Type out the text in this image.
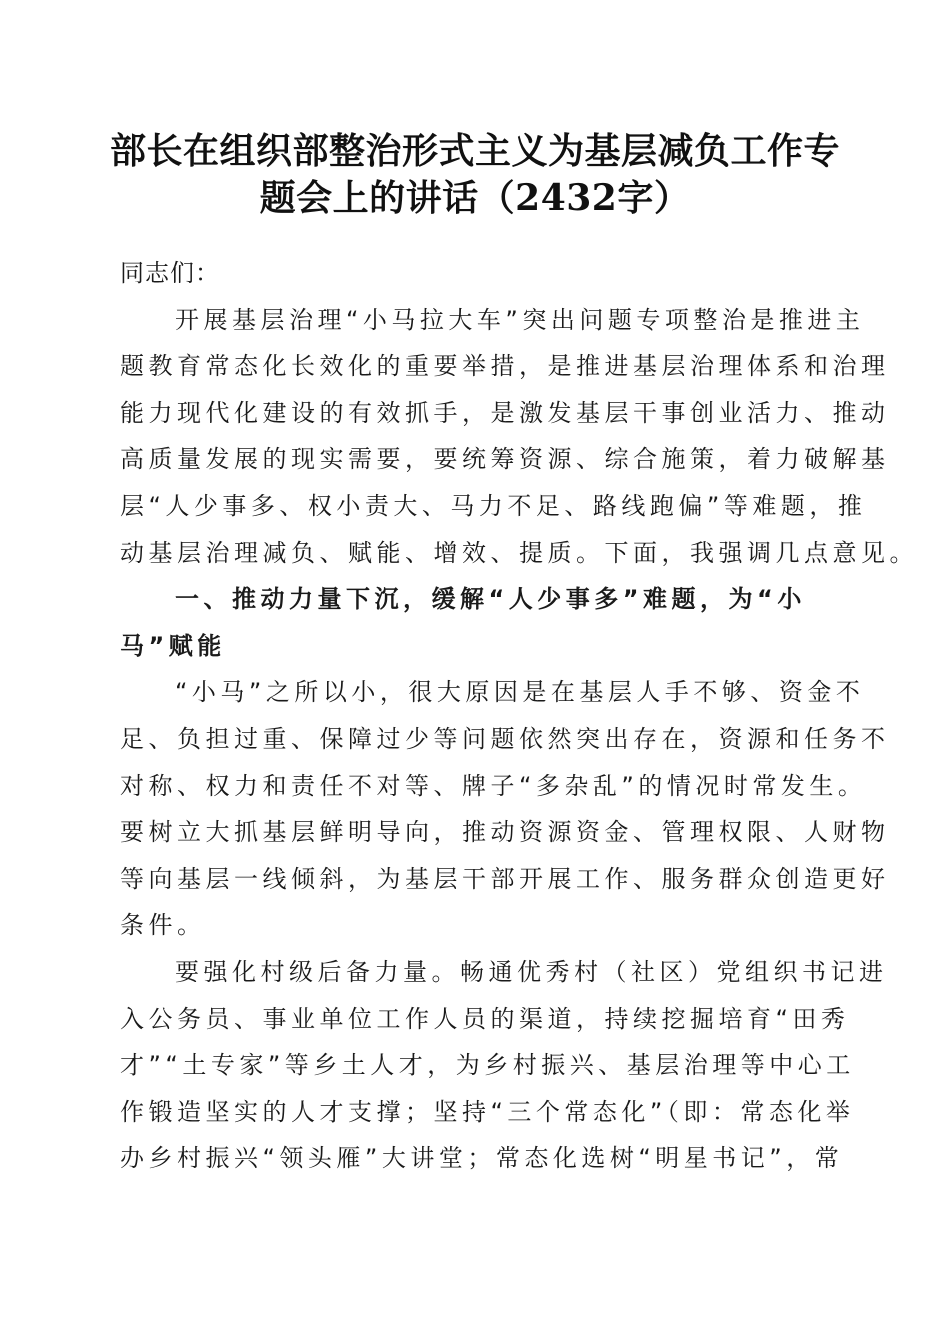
部长在组织部整治形式主义为基层减负工作专
题会上的讲话（2432字）
同志们：
开展基层治理“小马拉大车”突出问题专项整治是推进主
题教育常态化长效化的重要举措，是推进基层治理体系和治理
能力现代化建设的有效抓手，是激发基层干事创业活力、推动
高质量发展的现实需要，要统筹资源、综合施策，着力破解基
层“人少事多、权小责大、马力不足、路线跑偏”等难题，推
动基层治理减负、赋能、增效、提质。下面，我强调几点意见。
一、推动力量下沉，缓解“人少事多”难题，为“小
马”赋能
“小马”之所以小，很大原因是在基层人手不够、资金不
足、负担过重、保障过少等问题依然突出存在，资源和任务不
对称、权力和责任不对等、牌子“多杂乱”的情况时常发生。
要树立大抓基层鲜明导向，推动资源资金、管理权限、人财物
等向基层一线倾斜，为基层干部开展工作、服务群众创造更好
条件。
要强化村级后备力量。畅通优秀村（社区）党组织书记进
入公务员、事业单位工作人员的渠道，持续挖掘培育“田秀
才”“土专家”等乡土人才，为乡村振兴、基层治理等中心工
作锻造坚实的人才支撑；坚持“三个常态化”（即：常态化举
办乡村振兴“领头雁”大讲堂；常态化选树“明星书记”，常
